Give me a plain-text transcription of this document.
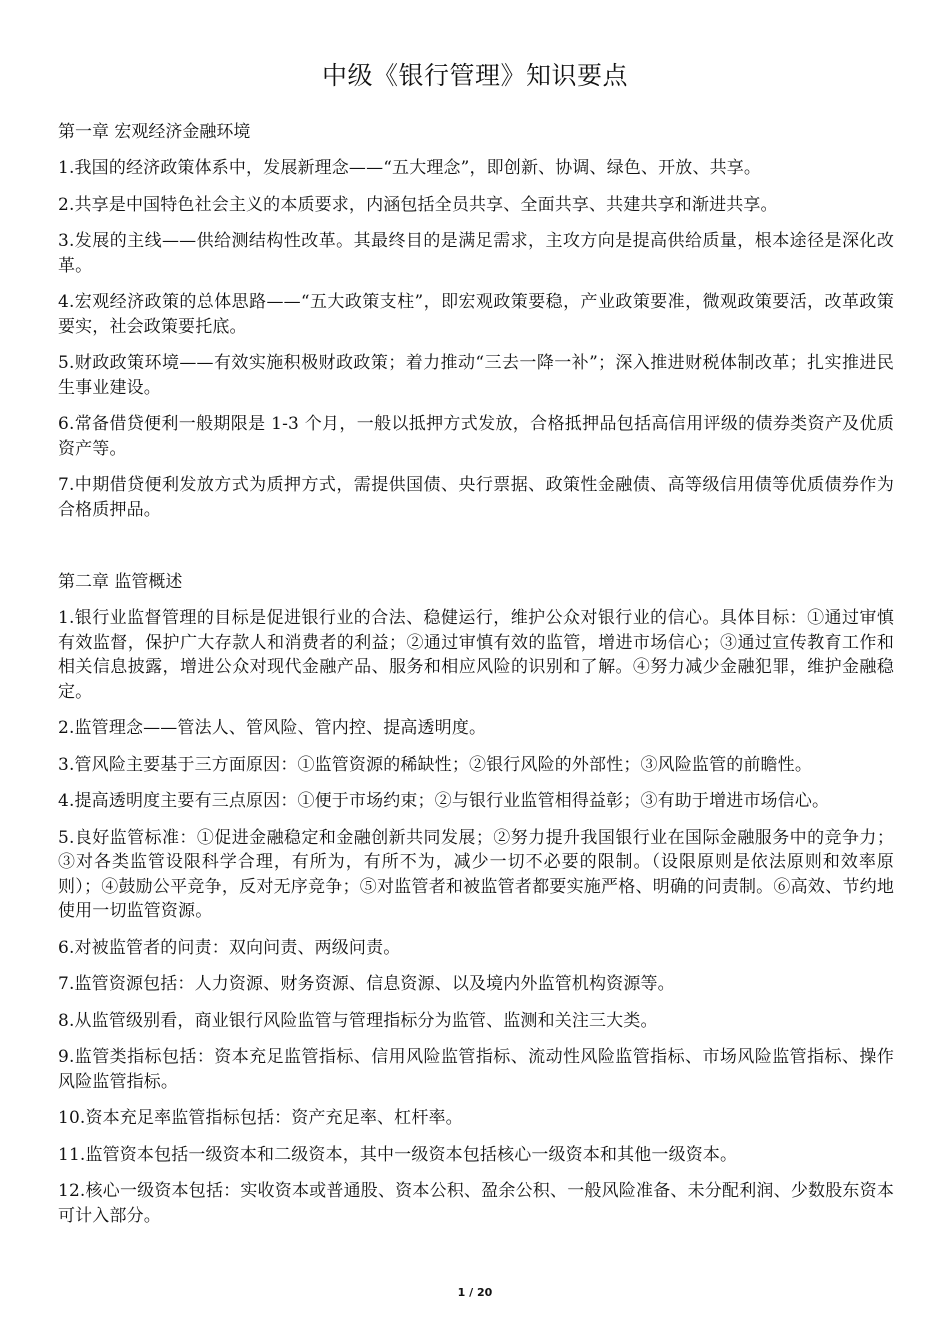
中级《银行管理》知识要点
第一章 宏观经济金融环境

1.我国的经济政策体系中，发展新理念——“五大理念”，即创新、协调、绿色、开放、共享。

2.共享是中国特色社会主义的本质要求，内涵包括全员共享、全面共享、共建共享和渐进共享。

3.发展的主线——供给测结构性改革。其最终目的是满足需求，主攻方向是提高供给质量，根本途径是深化改革。

4.宏观经济政策的总体思路——“五大政策支柱”，即宏观政策要稳，产业政策要准，微观政策要活，改革政策要实，社会政策要托底。

5.财政政策环境——有效实施积极财政政策；着力推动“三去一降一补”；深入推进财税体制改革；扎实推进民生事业建设。

6.常备借贷便利一般期限是 1-3 个月，一般以抵押方式发放，合格抵押品包括高信用评级的债券类资产及优质资产等。

7.中期借贷便利发放方式为质押方式，需提供国债、央行票据、政策性金融债、高等级信用债等优质债券作为合格质押品。

第二章 监管概述

1.银行业监督管理的目标是促进银行业的合法、稳健运行，维护公众对银行业的信心。具体目标：①通过审慎有效监督，保护广大存款人和消费者的利益；②通过审慎有效的监管，增进市场信心；③通过宣传教育工作和相关信息披露，增进公众对现代金融产品、服务和相应风险的识别和了解。④努力减少金融犯罪，维护金融稳定。

2.监管理念——管法人、管风险、管内控、提高透明度。

3.管风险主要基于三方面原因：①监管资源的稀缺性；②银行风险的外部性；③风险监管的前瞻性。

4.提高透明度主要有三点原因：①便于市场约束；②与银行业监管相得益彰；③有助于增进市场信心。

5.良好监管标准：①促进金融稳定和金融创新共同发展；②努力提升我国银行业在国际金融服务中的竞争力；③对各类监管设限科学合理，有所为，有所不为，减少一切不必要的限制。（设限原则是依法原则和效率原则）；④鼓励公平竞争，反对无序竞争；⑤对监管者和被监管者都要实施严格、明确的问责制。⑥高效、节约地使用一切监管资源。

6.对被监管者的问责：双向问责、两级问责。

7.监管资源包括：人力资源、财务资源、信息资源、以及境内外监管机构资源等。

8.从监管级别看，商业银行风险监管与管理指标分为监管、监测和关注三大类。

9.监管类指标包括：资本充足监管指标、信用风险监管指标、流动性风险监管指标、市场风险监管指标、操作风险监管指标。

10.资本充足率监管指标包括：资产充足率、杠杆率。

11.监管资本包括一级资本和二级资本，其中一级资本包括核心一级资本和其他一级资本。

12.核心一级资本包括：实收资本或普通股、资本公积、盈余公积、一般风险准备、未分配利润、少数股东资本可计入部分。

1 / 20
